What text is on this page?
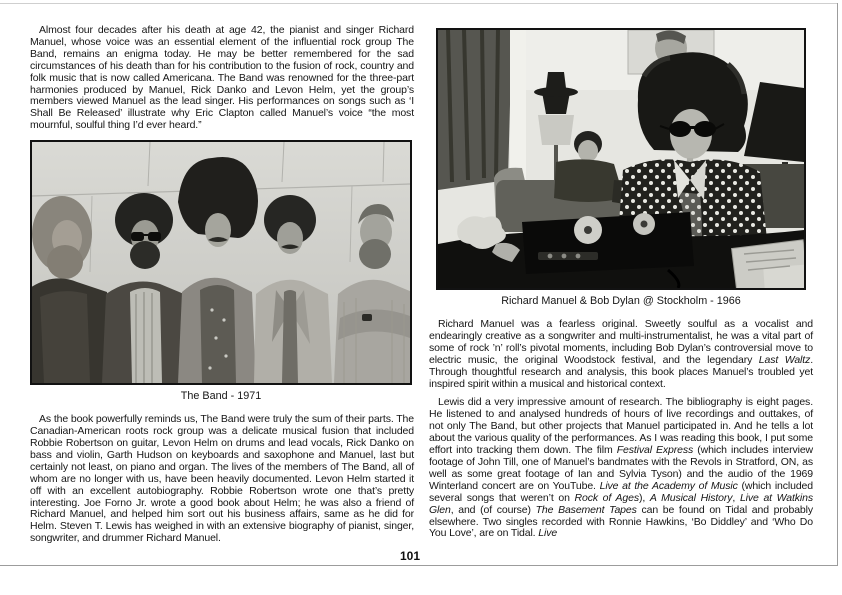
Almost four decades after his death at age 42, the pianist and singer Richard Manuel, whose voice was an essential element of the influential rock group The Band, remains an enigma today. He may be better remembered for the sad circumstances of his death than for his contribution to the fusion of rock, country and folk music that is now called Americana. The Band was renowned for the three-part harmonies produced by Manuel, Rick Danko and Levon Helm, yet the group’s members viewed Manuel as the lead singer. His performances on songs such as ‘I Shall Be Released’ illustrate why Eric Clapton called Manuel’s voice “the most mournful, soulful thing I’d ever heard.”
The Band - 1971
As the book powerfully reminds us, The Band were truly the sum of their parts. The Canadian-American roots rock group was a delicate musical fusion that included Robbie Robertson on guitar, Levon Helm on drums and lead vocals, Rick Danko on bass and violin, Garth Hudson on keyboards and saxophone and Manuel, last but certainly not least, on piano and organ. The lives of the members of The Band, all of whom are no longer with us, have been heavily documented. Levon Helm started it off with an excellent autobiography. Robbie Robertson wrote one that’s pretty interesting. Joe Forno Jr. wrote a good book about Helm; he was also a friend of Richard Manuel, and helped him sort out his business affairs, same as he did for Helm. Steven T. Lewis has weighed in with an extensive biography of pianist, singer, songwriter, and drummer Richard Manuel.
Richard Manuel & Bob Dylan @ Stockholm - 1966
Richard Manuel was a fearless original. Sweetly soulful as a vocalist and endearingly creative as a songwriter and multi-instrumentalist, he was a vital part of some of rock ’n’ roll’s pivotal moments, including Bob Dylan’s controversial move to electric music, the original Woodstock festival, and the legendary Last Waltz. Through thoughtful research and analysis, this book places Manuel’s troubled yet inspired spirit within a musical and historical context.
Lewis did a very impressive amount of research. The bibliography is eight pages. He listened to and analysed hundreds of hours of live recordings and outtakes, of not only The Band, but other projects that Manuel participated in. And he tells a lot about the various quality of the performances. As I was reading this book, I put some effort into tracking them down. The film Festival Express (which includes interview footage of John Till, one of Manuel’s bandmates with the Revols in Stratford, ON, as well as some great footage of Ian and Sylvia Tyson) and the audio of the 1969 Winterland concert are on YouTube. Live at the Academy of Music (which included several songs that weren’t on Rock of Ages), A Musical History, Live at Watkins Glen, and (of course) The Basement Tapes can be found on Tidal and probably elsewhere. Two singles recorded with Ronnie Hawkins, ‘Bo Diddley’ and ‘Who Do You Love’, are on Tidal. Live
101
